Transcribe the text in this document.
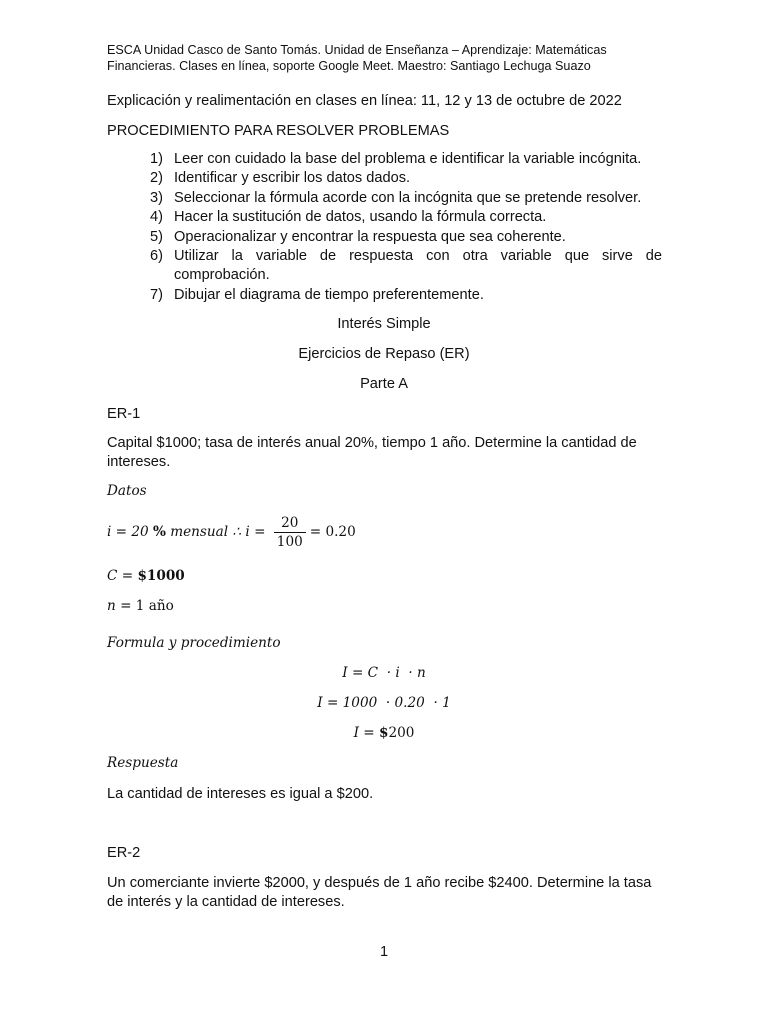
ESCA Unidad Casco de Santo Tomás. Unidad de Enseñanza – Aprendizaje: Matemáticas
Financieras. Clases en línea, soporte Google Meet. Maestro: Santiago Lechuga Suazo
Explicación y realimentación en clases en línea: 11, 12 y 13 de octubre de 2022
PROCEDIMIENTO PARA RESOLVER PROBLEMAS
1) Leer con cuidado la base del problema e identificar la variable incógnita.
2) Identificar y escribir los datos dados.
3) Seleccionar la fórmula acorde con la incógnita que se pretende resolver.
4) Hacer la sustitución de datos, usando la fórmula correcta.
5) Operacionalizar y encontrar la respuesta que sea coherente.
6) Utilizar la variable de respuesta con otra variable que sirve de comprobación.
7) Dibujar el diagrama de tiempo preferentemente.
Interés Simple
Ejercicios de Repaso (ER)
Parte A
ER-1
Capital $1000; tasa de interés anual 20%, tiempo 1 año. Determine la cantidad de intereses.
Datos
i = 20 % mensual ∴ $i = \frac{20}{100} = 0.20$
C = $1000
n = 1 año
Formula y procedimiento
I = C  · i  · n
I = 1000  · 0.20  · 1
I = $200
Respuesta
La cantidad de intereses es igual a $200.
ER-2
Un comerciante invierte $2000, y después de 1 año recibe $2400. Determine la tasa de interés y la cantidad de intereses.
1
